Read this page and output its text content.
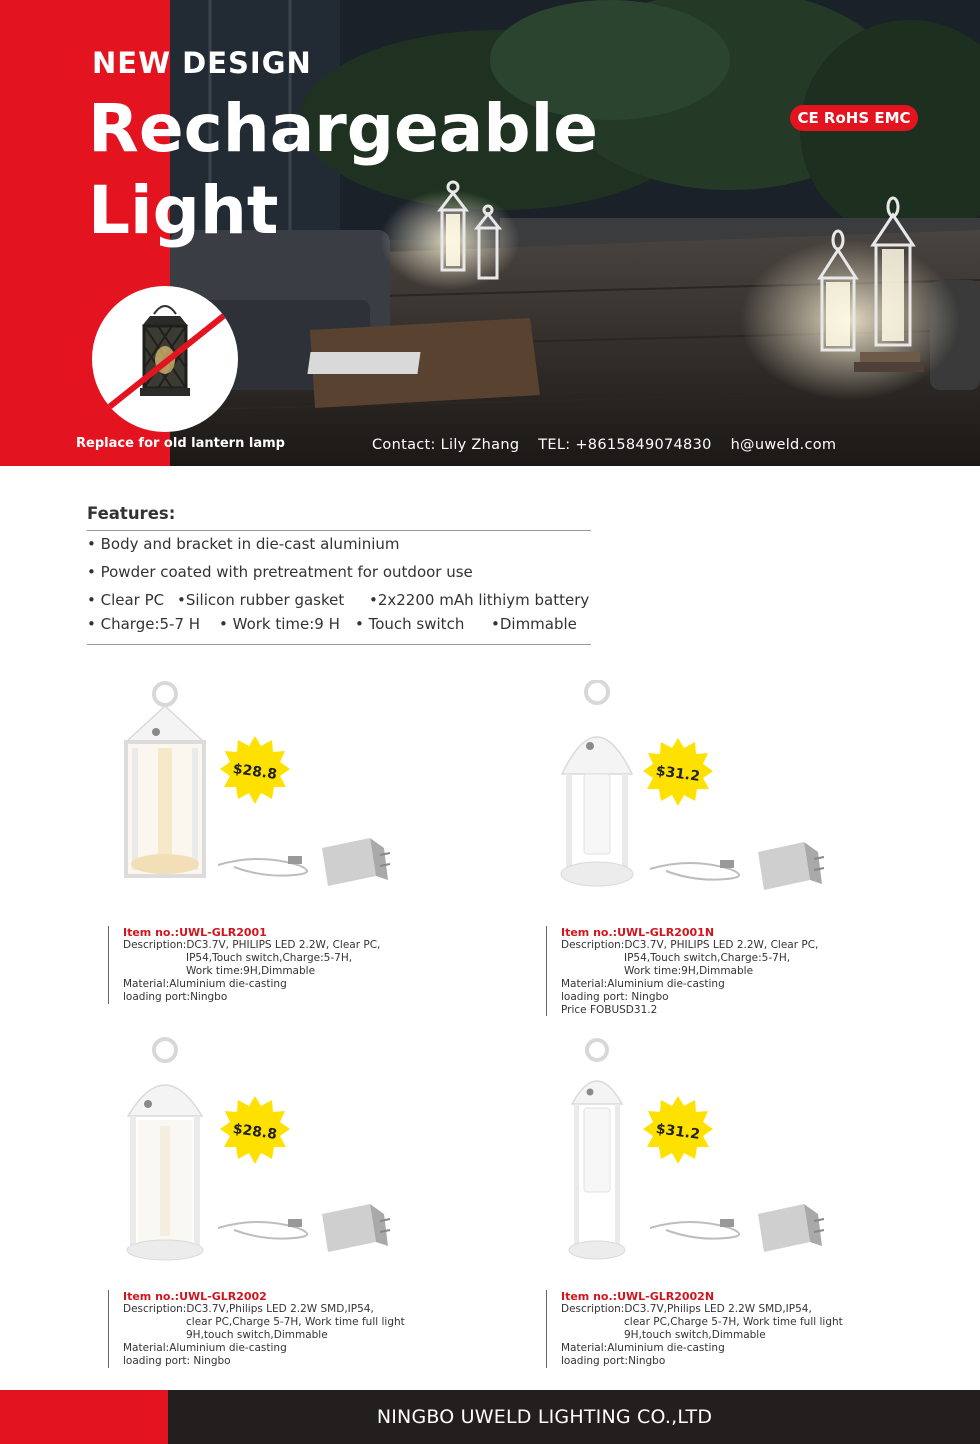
NEW DESIGN
Rechargeable
Light
CE RoHS EMC
Replace for old lantern lamp	Contact: Lily Zhang TEL: +8615849074830 h@uweld.com
Features:
• Body and bracket in die-cast aluminium
• Powder coated with pretreatment for outdoor use
• Clear PC •Silicon rubber gasket •2x2200 mAh lithiym battery
• Charge:5-7 H • Work time:9 H • Touch switch •Dimmable
$28.8
Item no.:UWL-GLR2001
Description:DC3.7V, PHILIPS LED 2.2W, Clear PC,
IP54,Touch switch,Charge:5-7H,
Work time:9H,Dimmable
Material:Aluminium die-casting
loading port:Ningbo
$31.2
Item no.:UWL-GLR2001N
Description:DC3.7V, PHILIPS LED 2.2W, Clear PC,
IP54,Touch switch,Charge:5-7H,
Work time:9H,Dimmable
Material:Aluminium die-casting
loading port: Ningbo
Price FOBUSD31.2
$28.8
Item no.:UWL-GLR2002
Description:DC3.7V,Philips LED 2.2W SMD,IP54,
clear PC,Charge 5-7H, Work time full light
9H,touch switch,Dimmable
Material:Aluminium die-casting
loading port: Ningbo
$31.2
Item no.:UWL-GLR2002N
Description:DC3.7V,Philips LED 2.2W SMD,IP54,
clear PC,Charge 5-7H, Work time full light
9H,touch switch,Dimmable
Material:Aluminium die-casting
loading port:Ningbo
NINGBO UWELD LIGHTING CO.,LTD
